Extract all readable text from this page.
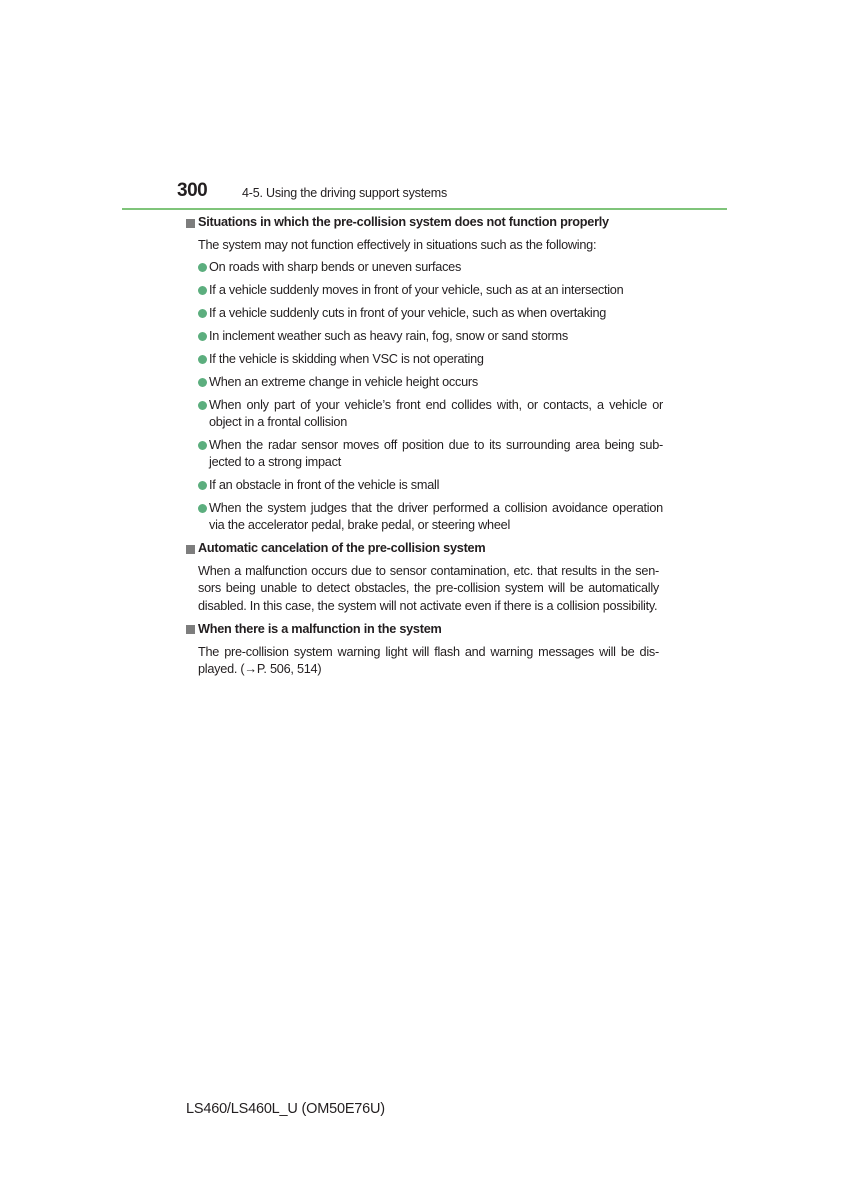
300	4-5. Using the driving support systems
Situations in which the pre-collision system does not function properly

The system may not function effectively in situations such as the following:

On roads with sharp bends or uneven surfaces
If a vehicle suddenly moves in front of your vehicle, such as at an intersection
If a vehicle suddenly cuts in front of your vehicle, such as when overtaking
In inclement weather such as heavy rain, fog, snow or sand storms
If the vehicle is skidding when VSC is not operating
When an extreme change in vehicle height occurs
When only part of your vehicle’s front end collides with, or contacts, a vehicle or object in a frontal collision
When the radar sensor moves off position due to its surrounding area being sub-jected to a strong impact
If an obstacle in front of the vehicle is small
When the system judges that the driver performed a collision avoidance operation via the accelerator pedal, brake pedal, or steering wheel
Automatic cancelation of the pre-collision system

When a malfunction occurs due to sensor contamination, etc. that results in the sen-sors being unable to detect obstacles, the pre-collision system will be automatically disabled. In this case, the system will not activate even if there is a collision possibility.

When there is a malfunction in the system

The pre-collision system warning light will flash and warning messages will be dis-played. (→P. 506, 514)

LS460/LS460L_U (OM50E76U)
